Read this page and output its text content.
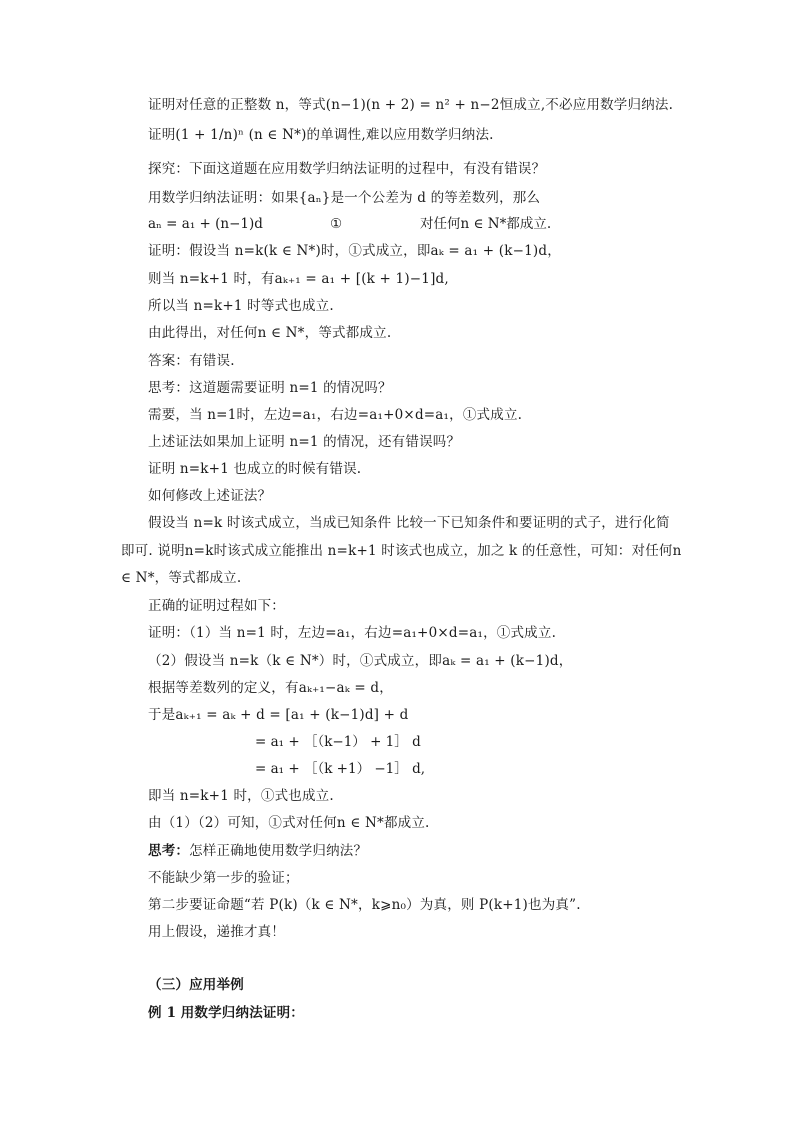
证明对任意的正整数 n，等式(n−1)(n + 2) = n² + n−2恒成立,不必应用数学归纳法.
证明(1 + 1/n)ⁿ (n ∈ N*)的单调性,难以应用数学归纳法.
探究：下面这道题在应用数学归纳法证明的过程中，有没有错误？
用数学归纳法证明：如果{aₙ}是一个公差为 d 的等差数列，那么
aₙ = a₁ + (n−1)d	①	对任何n ∈ N*都成立.
证明：假设当 n=k(k ∈ N*)时，①式成立，即aₖ = a₁ + (k−1)d，
则当 n=k+1 时，有aₖ₊₁ = a₁ + [(k + 1)−1]d,
所以当 n=k+1 时等式也成立.
由此得出，对任何n ∈ N*，等式都成立.
答案：有错误.
思考：这道题需要证明 n=1 的情况吗？
需要，当 n=1时，左边=a₁，右边=a₁+0×d=a₁，①式成立.
上述证法如果加上证明 n=1 的情况，还有错误吗？
证明 n=k+1 也成立的时候有错误.
如何修改上述证法？
假设当 n=k 时该式成立，当成已知条件 比较一下已知条件和要证明的式子，进行化简
即可. 说明n=k时该式成立能推出 n=k+1 时该式也成立，加之 k 的任意性，可知：对任何n
∈ N*，等式都成立.
正确的证明过程如下：
证明：（1）当 n=1 时，左边=a₁，右边=a₁+0×d=a₁，①式成立.
（2）假设当 n=k（k ∈ N*）时，①式成立，即aₖ = a₁ + (k−1)d，
根据等差数列的定义，有aₖ₊₁−aₖ = d，
于是aₖ₊₁ = aₖ + d = [a₁ + (k−1)d] + d
= a₁ + ［（k−1） + 1］ d
= a₁ + ［（k +1） −1］ d,
即当 n=k+1 时，①式也成立.
由（1）（2）可知，①式对任何n ∈ N*都成立.
思考：怎样正确地使用数学归纳法？
不能缺少第一步的验证；
第二步要证命题“若 P(k)（k ∈ N*，k⩾n₀）为真，则 P(k+1)也为真”.
用上假设，递推才真！
（三）应用举例
例 1 用数学归纳法证明：
